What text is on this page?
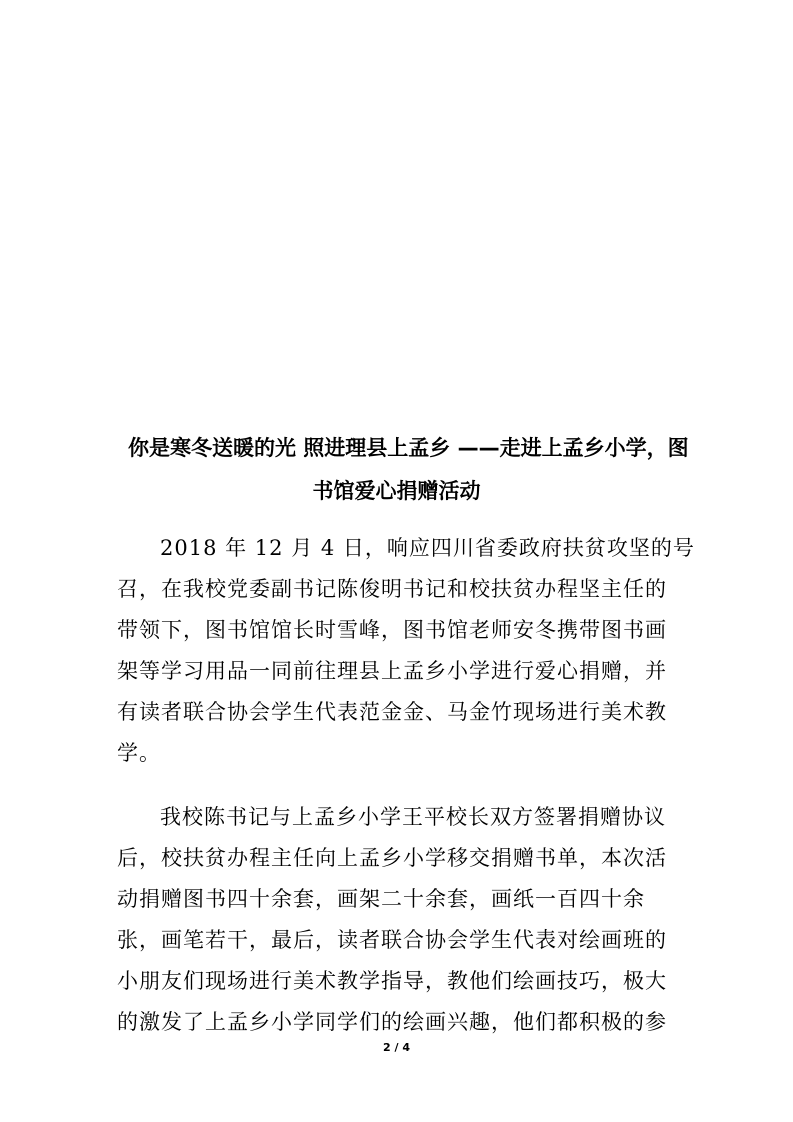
你是寒冬送暖的光 照进理县上孟乡 ——走进上孟乡小学，图
书馆爱心捐赠活动
2018 年 12 月 4 日，响应四川省委政府扶贫攻坚的号
召，在我校党委副书记陈俊明书记和校扶贫办程坚主任的
带领下，图书馆馆长时雪峰，图书馆老师安冬携带图书画
架等学习用品一同前往理县上孟乡小学进行爱心捐赠，并
有读者联合协会学生代表范金金、马金竹现场进行美术教
学。
我校陈书记与上孟乡小学王平校长双方签署捐赠协议
后，校扶贫办程主任向上孟乡小学移交捐赠书单，本次活
动捐赠图书四十余套，画架二十余套，画纸一百四十余
张，画笔若干，最后，读者联合协会学生代表对绘画班的
小朋友们现场进行美术教学指导，教他们绘画技巧，极大
的激发了上孟乡小学同学们的绘画兴趣，他们都积极的参
2 / 4
